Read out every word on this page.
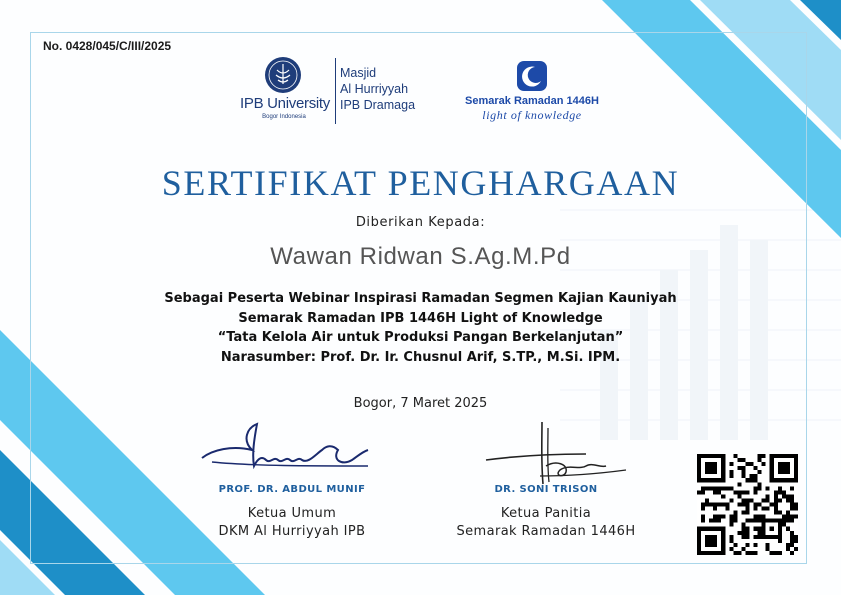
No. 0428/045/C/III/2025
IPB University
Bogor Indonesia
Masjid
Al Hurriyyah
IPB Dramaga	Semarak Ramadan 1446H
light of knowledge
SERTIFIKAT PENGHARGAAN
Diberikan Kepada:
Wawan Ridwan S.Ag.M.Pd
Sebagai Peserta Webinar Inspirasi Ramadan Segmen Kajian Kauniyah
Semarak Ramadan IPB 1446H Light of Knowledge
“Tata Kelola Air untuk Produksi Pangan Berkelanjutan”
Narasumber: Prof. Dr. Ir. Chusnul Arif, S.TP., M.Si. IPM.
Bogor, 7 Maret 2025
PROF. DR. ABDUL MUNIF
Ketua Umum
DKM Al Hurriyyah IPB
DR. SONI TRISON
Ketua Panitia
Semarak Ramadan 1446H
